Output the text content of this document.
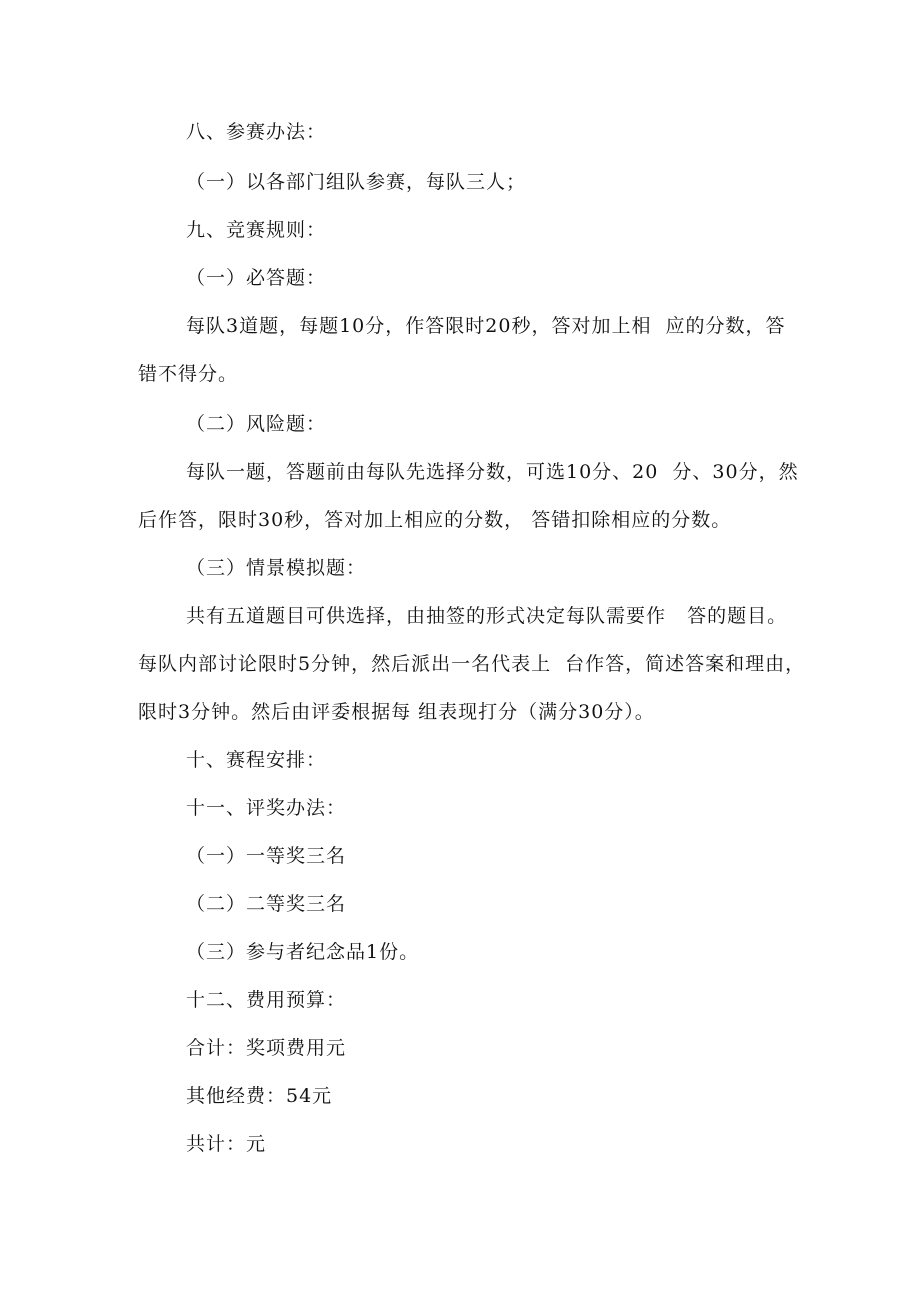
八、参赛办法：
（一）以各部门组队参赛，每队三人；
九、竞赛规则：
（一）必答题：
每队3道题，每题10分，作答限时20秒，答对加上相  应的分数，答
错不得分。
（二）风险题：
每队一题，答题前由每队先选择分数，可选10分、20  分、30分，然
后作答，限时30秒，答对加上相应的分数， 答错扣除相应的分数。
（三）情景模拟题：
共有五道题目可供选择，由抽签的形式决定每队需要作   答的题目。
每队内部讨论限时5分钟，然后派出一名代表上  台作答，简述答案和理由，
限时3分钟。然后由评委根据每 组表现打分（满分30分）。
十、赛程安排：
十一、评奖办法：
（一）一等奖三名
（二）二等奖三名
（三）参与者纪念品1份。
十二、费用预算：
合计：奖项费用元
其他经费：54元
共计：元
